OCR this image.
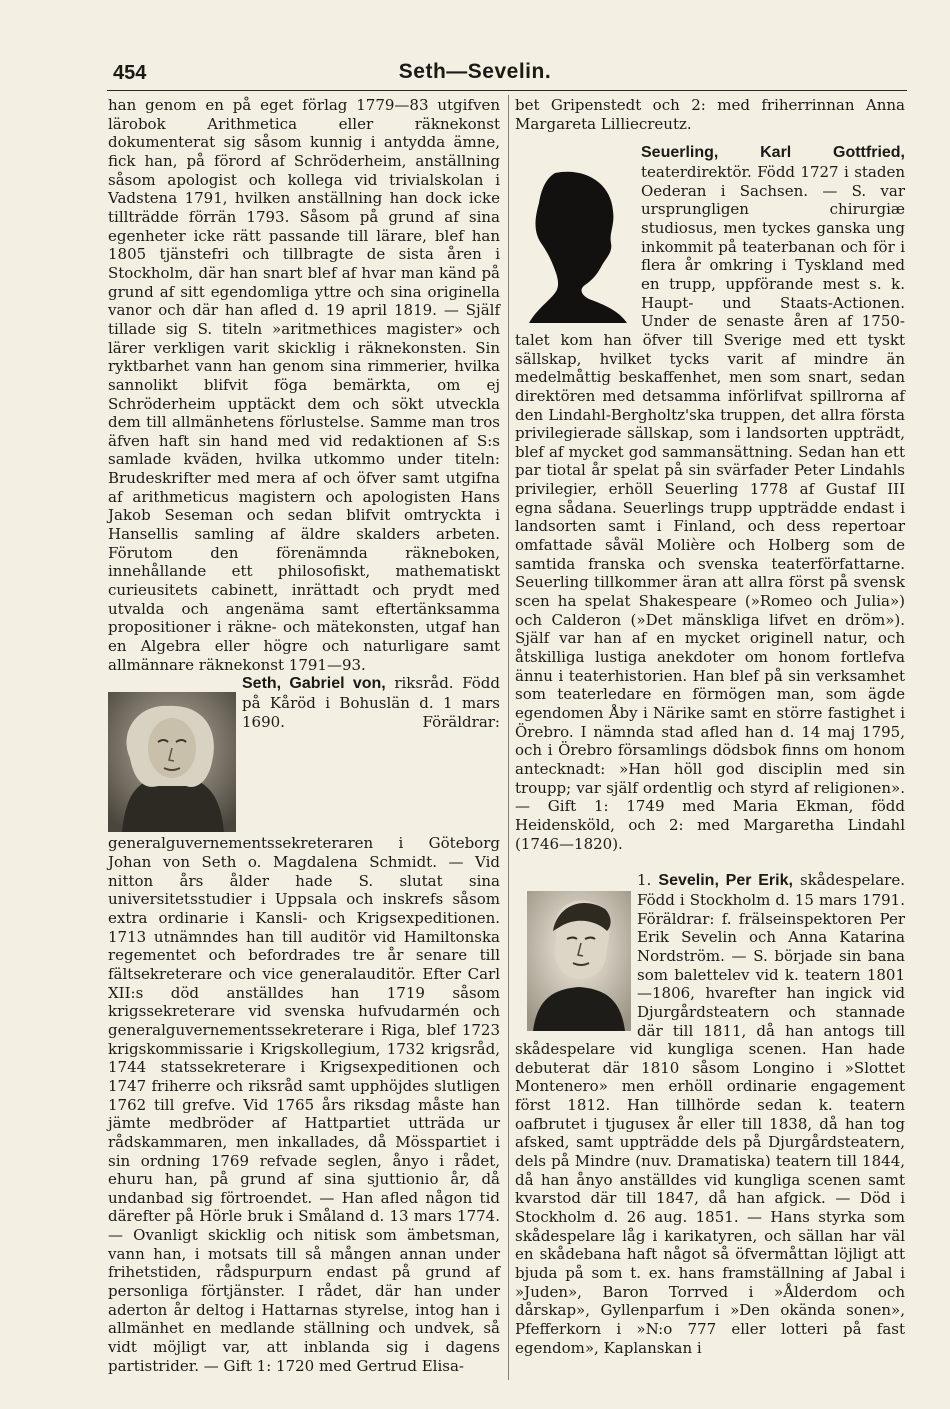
454	Seth—Sevelin.

han genom en på eget förlag 1779—83 utgifven lärobok Arithmetica eller räknekonst dokumenterat sig såsom kunnig i antydda ämne, fick han, på förord af Schröderheim, anställning såsom apologist och kollega vid trivialskolan i Vadstena 1791, hvilken anställning han dock icke tillträdde förrän 1793. Såsom på grund af sina egenheter icke rätt passande till lärare, blef han 1805 tjänstefri och tillbragte de sista åren i Stockholm, där han snart blef af hvar man känd på grund af sitt egendomliga yttre och sina originella vanor och där han afled d. 19 april 1819. — Själf tillade sig S. titeln »aritmethices magister» och lärer verkligen varit skicklig i räknekonsten. Sin ryktbarhet vann han genom sina rimmerier, hvilka sannolikt blifvit föga bemärkta, om ej Schröderheim upptäckt dem och sökt utveckla dem till allmänhetens förlustelse. Samme man tros äfven haft sin hand med vid redaktionen af S:s samlade kväden, hvilka utkommo under titeln: Brudeskrifter med mera af och öfver samt utgifna af arithmeticus magistern och apologisten Hans Jakob Seseman och sedan blifvit omtryckta i Hansellis samling af äldre skalders arbeten. Förutom den förenämnda räkneboken, innehållande ett philosofiskt, mathematiskt curieusitets cabinett, inrättadt och prydt med utvalda och angenäma samt eftertänksamma propositioner i räkne- och mätekonsten, utgaf han en Algebra eller högre och naturligare samt allmännare räknekonst 1791—93.

Seth, Gabriel von, riksråd. Född på Kåröd i Bohuslän d. 1 mars 1690. Föräldrar: generalguvernementssekreteraren i Göteborg Johan von Seth o. Magdalena Schmidt. — Vid nitton års ålder hade S. slutat sina universitetsstudier i Uppsala och inskrefs såsom extra ordinarie i Kansli- och Krigsexpeditionen. 1713 utnämndes han till auditör vid Hamiltonska regementet och befordrades tre år senare till fältsekreterare och vice generalauditör. Efter Carl XII:s död anställdes han 1719 såsom krigssekreterare vid svenska hufvudarmén och generalguvernementssekreterare i Riga, blef 1723 krigskommissarie i Krigskollegium, 1732 krigsråd, 1744 statssekreterare i Krigsexpeditionen och 1747 friherre och riksråd samt upphöjdes slutligen 1762 till grefve. Vid 1765 års riksdag måste han jämte medbröder af Hattpartiet utträda ur rådskammaren, men inkallades, då Mösspartiet i sin ordning 1769 refvade seglen, ånyo i rådet, ehuru han, på grund af sina sjuttionio år, då undanbad sig förtroendet. — Han afled någon tid därefter på Hörle bruk i Småland d. 13 mars 1774. — Ovanligt skicklig och nitisk som ämbetsman, vann han, i motsats till så mången annan under frihetstiden, rådspurpurn endast på grund af personliga förtjänster. I rådet, där han under aderton år deltog i Hattarnas styrelse, intog han i allmänhet en medlande ställning och undvek, så vidt möjligt var, att inblanda sig i dagens partistrider. — Gift 1: 1720 med Gertrud Elisa-

bet Gripenstedt och 2: med friherrinnan Anna Margareta Lilliecreutz.

Seuerling, Karl Gottfried, teaterdirektör. Född 1727 i staden Oederan i Sachsen. — S. var ursprungligen chirurgiæ studiosus, men tyckes ganska ung inkommit på teaterbanan och för i flera år omkring i Tyskland med en trupp, uppförande mest s. k. Haupt- und Staats-Actionen. Under de senaste åren af 1750-talet kom han öfver till Sverige med ett tyskt sällskap, hvilket tycks varit af mindre än medelmåttig beskaffenhet, men som snart, sedan direktören med detsamma införlifvat spillrorna af den Lindahl-Bergholtz'ska truppen, det allra första privilegierade sällskap, som i landsorten uppträdt, blef af mycket god sammansättning. Sedan han ett par tiotal år spelat på sin svärfader Peter Lindahls privilegier, erhöll Seuerling 1778 af Gustaf III egna sådana. Seuerlings trupp uppträdde endast i landsorten samt i Finland, och dess repertoar omfattade såväl Molière och Holberg som de samtida franska och svenska teaterförfattarne. Seuerling tillkommer äran att allra först på svensk scen ha spelat Shakespeare (»Romeo och Julia») och Calderon (»Det mänskliga lifvet en dröm»). Själf var han af en mycket originell natur, och åtskilliga lustiga anekdoter om honom fortlefva ännu i teaterhistorien. Han blef på sin verksamhet som teaterledare en förmögen man, som ägde egendomen Åby i Närike samt en större fastighet i Örebro. I nämnda stad afled han d. 14 maj 1795, och i Örebro församlings dödsbok finns om honom antecknadt: »Han höll god disciplin med sin troupp; var själf ordentlig och styrd af religionen». — Gift 1: 1749 med Maria Ekman, född Heidensköld, och 2: med Margaretha Lindahl (1746—1820).

1. Sevelin, Per Erik, skådespelare. Född i Stockholm d. 15 mars 1791. Föräldrar: f. frälseinspektoren Per Erik Sevelin och Anna Katarina Nordström. — S. började sin bana som balettelev vid k. teatern 1801—1806, hvarefter han ingick vid Djurgårdsteatern och stannade där till 1811, då han antogs till skådespelare vid kungliga scenen. Han hade debuterat där 1810 såsom Longino i »Slottet Montenero» men erhöll ordinarie engagement först 1812. Han tillhörde sedan k. teatern oafbrutet i tjugusex år eller till 1838, då han tog afsked, samt uppträdde dels på Djurgårdsteatern, dels på Mindre (nuv. Dramatiska) teatern till 1844, då han ånyo anställdes vid kungliga scenen samt kvarstod där till 1847, då han afgick. — Död i Stockholm d. 26 aug. 1851. — Hans styrka som skådespelare låg i karikatyren, och sällan har väl en skådebana haft något så öfvermåttan löjligt att bjuda på som t. ex. hans framställning af Jabal i »Juden», Baron Torrved i »Ålderdom och dårskap», Gyllenparfum i »Den okända sonen», Pfefferkorn i »N:o 777 eller lotteri på fast egendom», Kaplanskan i
